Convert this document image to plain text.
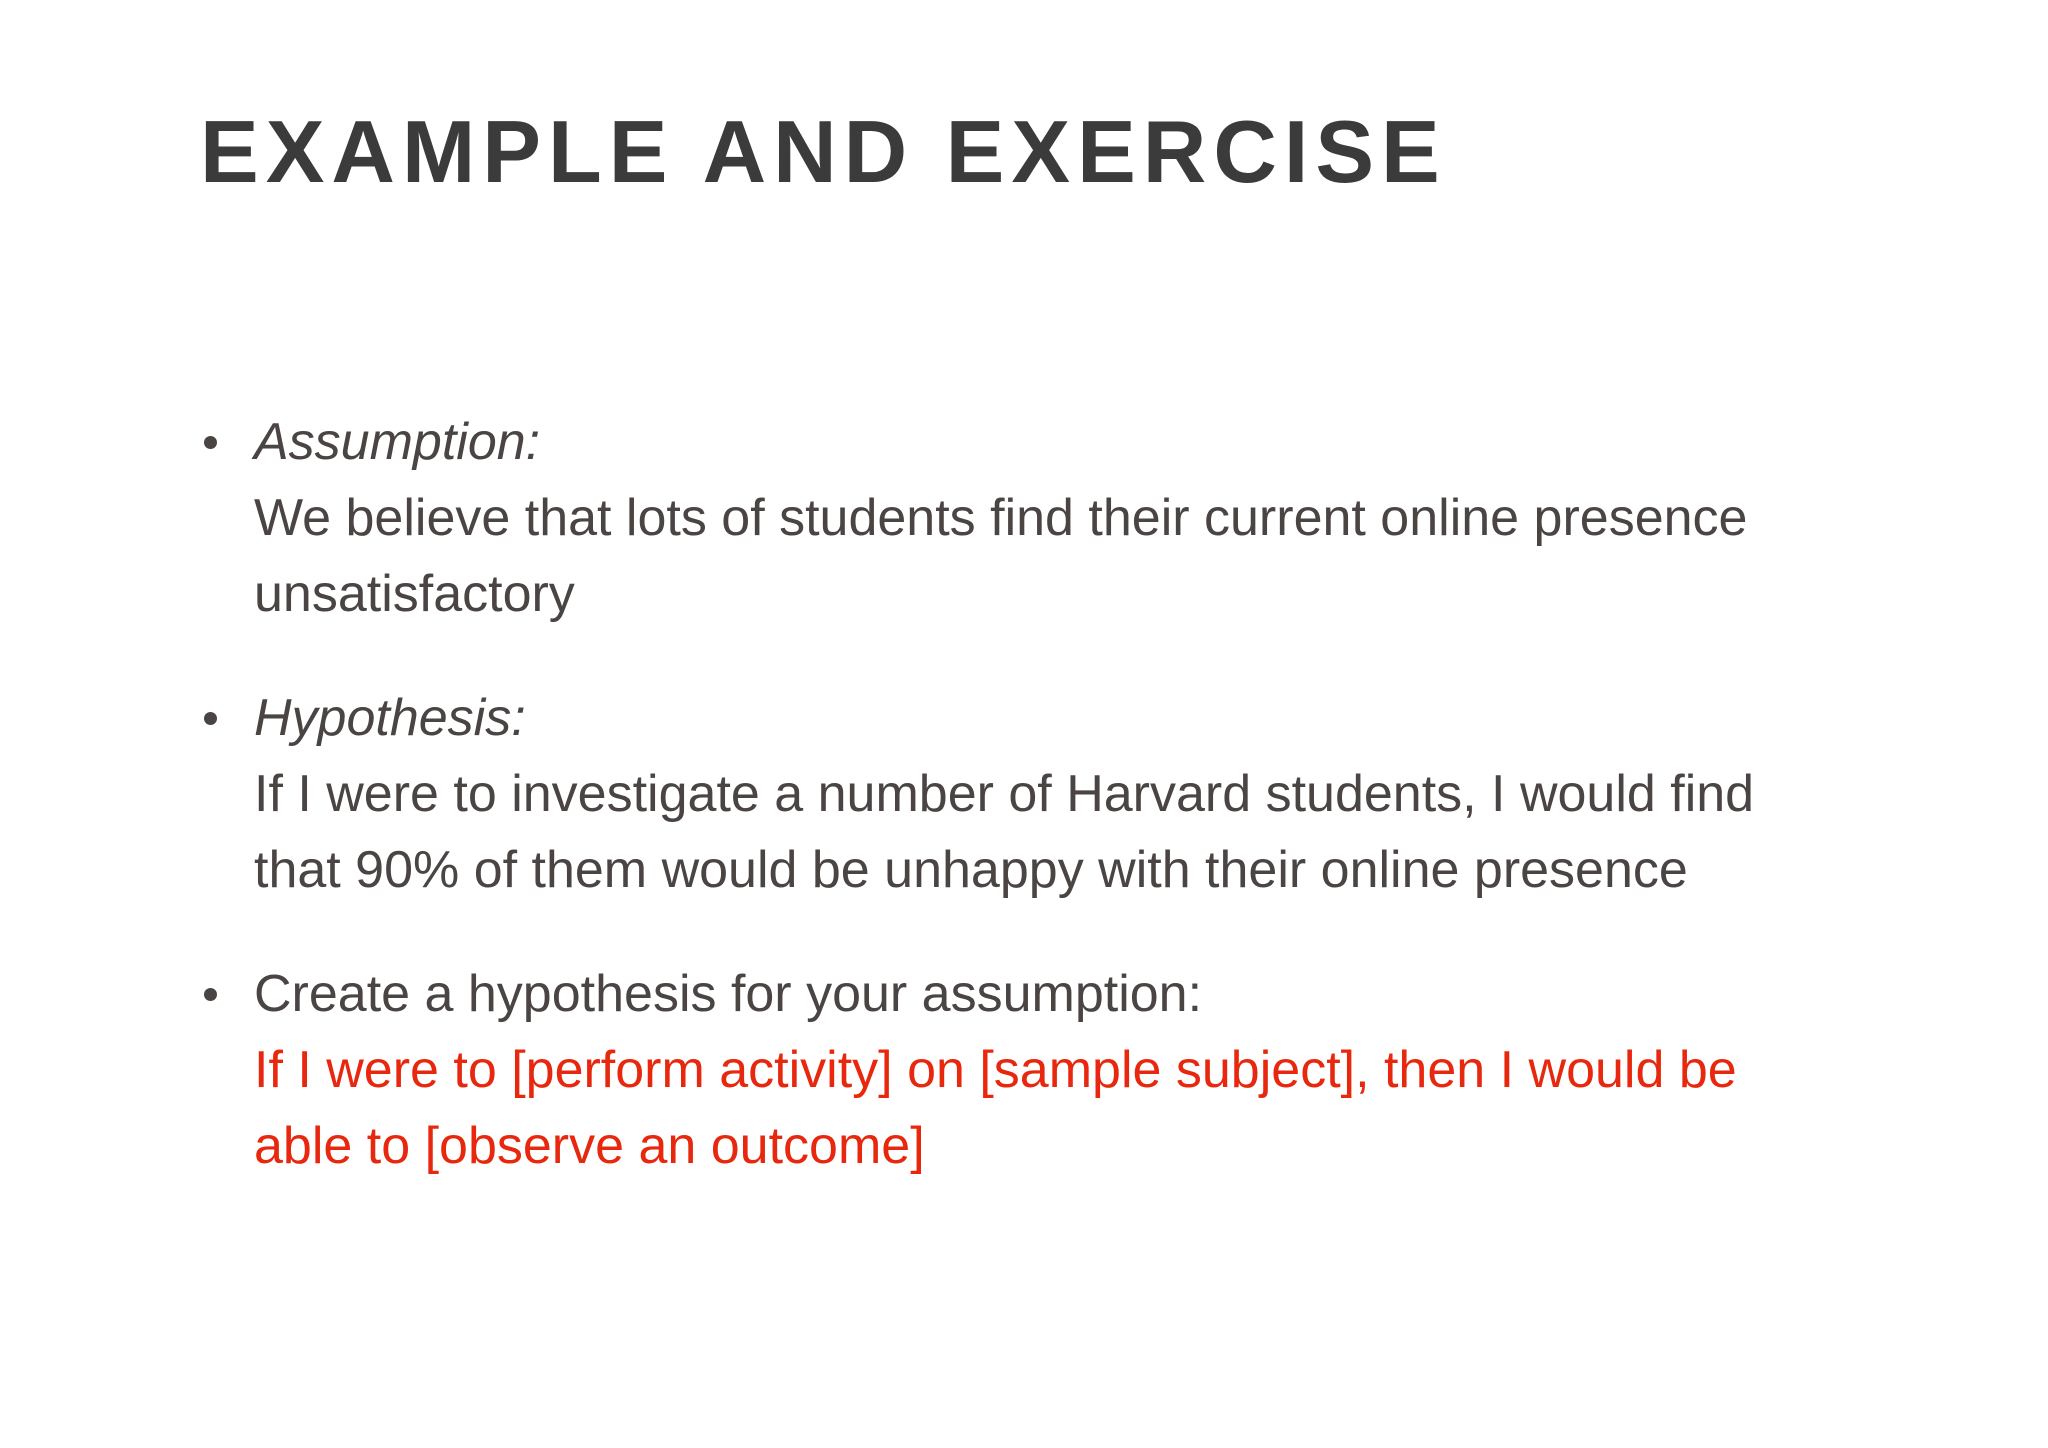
EXAMPLE AND EXERCISE
Assumption:
We believe that lots of students find their current online presence unsatisfactory
Hypothesis:
If I were to investigate a number of Harvard students, I would find that 90% of them would be unhappy with their online presence
Create a hypothesis for your assumption:
If I were to [perform activity] on [sample subject], then I would be able to [observe an outcome]
